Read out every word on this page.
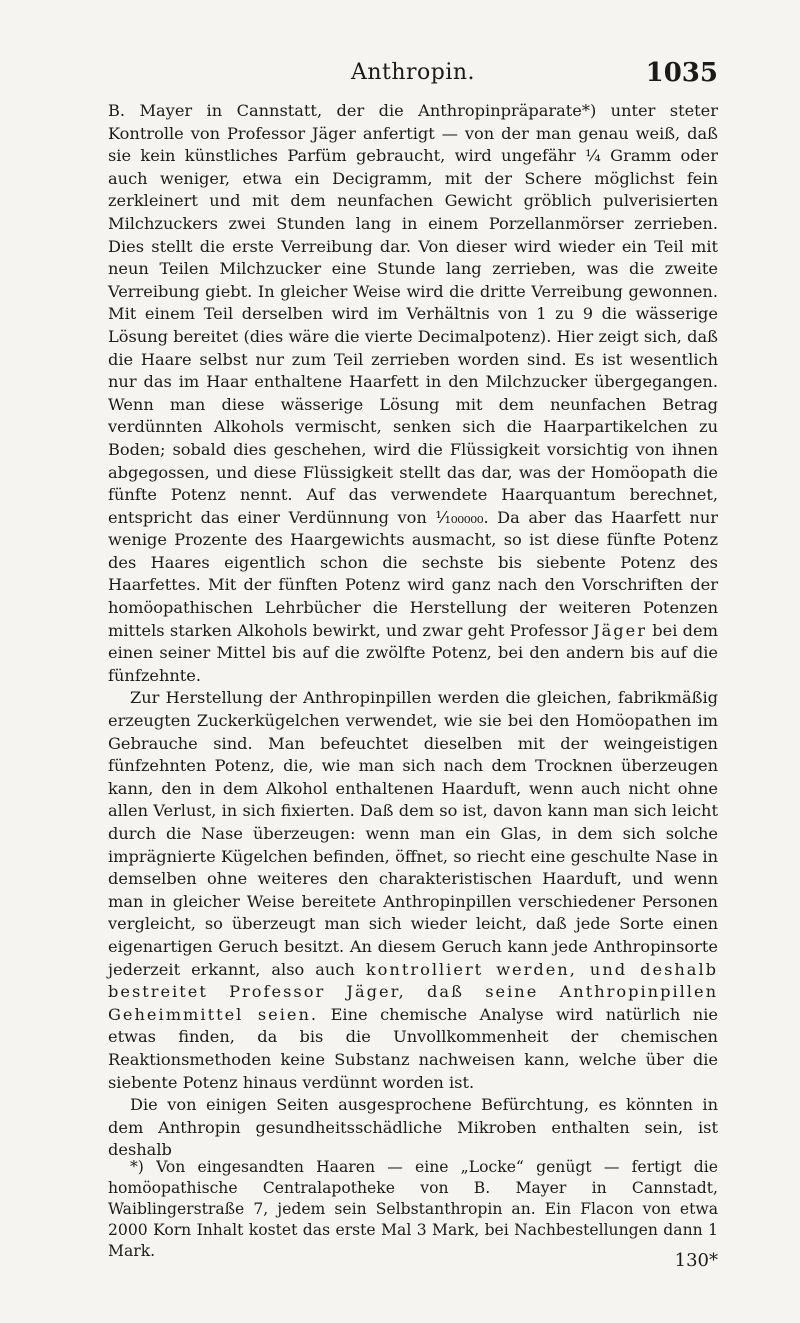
Anthropin.	1035

B. Mayer in Cannstatt, der die Anthropinpräparate*) unter steter Kontrolle von Professor Jäger anfertigt — von der man genau weiß, daß sie kein künstliches Parfüm gebraucht, wird ungefähr ¼ Gramm oder auch weniger, etwa ein Decigramm, mit der Schere möglichst fein zerkleinert und mit dem neunfachen Gewicht gröblich pulverisierten Milchzuckers zwei Stunden lang in einem Porzellanmörser zerrieben. Dies stellt die erste Verreibung dar. Von dieser wird wieder ein Teil mit neun Teilen Milchzucker eine Stunde lang zerrieben, was die zweite Verreibung giebt. In gleicher Weise wird die dritte Verreibung gewonnen. Mit einem Teil derselben wird im Verhältnis von 1 zu 9 die wässerige Lösung bereitet (dies wäre die vierte Decimalpotenz). Hier zeigt sich, daß die Haare selbst nur zum Teil zerrieben worden sind. Es ist wesentlich nur das im Haar enthaltene Haarfett in den Milchzucker übergegangen. Wenn man diese wässerige Lösung mit dem neunfachen Betrag verdünnten Alkohols vermischt, senken sich die Haarpartikelchen zu Boden; sobald dies geschehen, wird die Flüssigkeit vorsichtig von ihnen abgegossen, und diese Flüssigkeit stellt das dar, was der Homöopath die fünfte Potenz nennt. Auf das verwendete Haarquantum berechnet, entspricht das einer Verdünnung von ¹⁄₁₀₀₀₀₀. Da aber das Haarfett nur wenige Prozente des Haargewichts ausmacht, so ist diese fünfte Potenz des Haares eigentlich schon die sechste bis siebente Potenz des Haarfettes. Mit der fünften Potenz wird ganz nach den Vorschriften der homöopathischen Lehrbücher die Herstellung der weiteren Potenzen mittels starken Alkohols bewirkt, und zwar geht Professor Jäger bei dem einen seiner Mittel bis auf die zwölfte Potenz, bei den andern bis auf die fünfzehnte.

Zur Herstellung der Anthropinpillen werden die gleichen, fabrikmäßig erzeugten Zuckerkügelchen verwendet, wie sie bei den Homöopathen im Gebrauche sind. Man befeuchtet dieselben mit der weingeistigen fünfzehnten Potenz, die, wie man sich nach dem Trocknen überzeugen kann, den in dem Alkohol enthaltenen Haarduft, wenn auch nicht ohne allen Verlust, in sich fixierten. Daß dem so ist, davon kann man sich leicht durch die Nase überzeugen: wenn man ein Glas, in dem sich solche imprägnierte Kügelchen befinden, öffnet, so riecht eine geschulte Nase in demselben ohne weiteres den charakteristischen Haarduft, und wenn man in gleicher Weise bereitete Anthropinpillen verschiedener Personen vergleicht, so überzeugt man sich wieder leicht, daß jede Sorte einen eigenartigen Geruch besitzt. An diesem Geruch kann jede Anthropinsorte jederzeit erkannt, also auch kontrolliert werden, und deshalb bestreitet Professor Jäger, daß seine Anthropinpillen Geheimmittel seien. Eine chemische Analyse wird natürlich nie etwas finden, da bis die Unvollkommenheit der chemischen Reaktionsmethoden keine Substanz nachweisen kann, welche über die siebente Potenz hinaus verdünnt worden ist.

Die von einigen Seiten ausgesprochene Befürchtung, es könnten in dem Anthropin gesundheitsschädliche Mikroben enthalten sein, ist deshalb

*) Von eingesandten Haaren — eine „Locke“ genügt — fertigt die homöopathische Centralapotheke von B. Mayer in Cannstadt, Waiblingerstraße 7, jedem sein Selbstanthropin an. Ein Flacon von etwa 2000 Korn Inhalt kostet das erste Mal 3 Mark, bei Nachbestellungen dann 1 Mark.	130*
